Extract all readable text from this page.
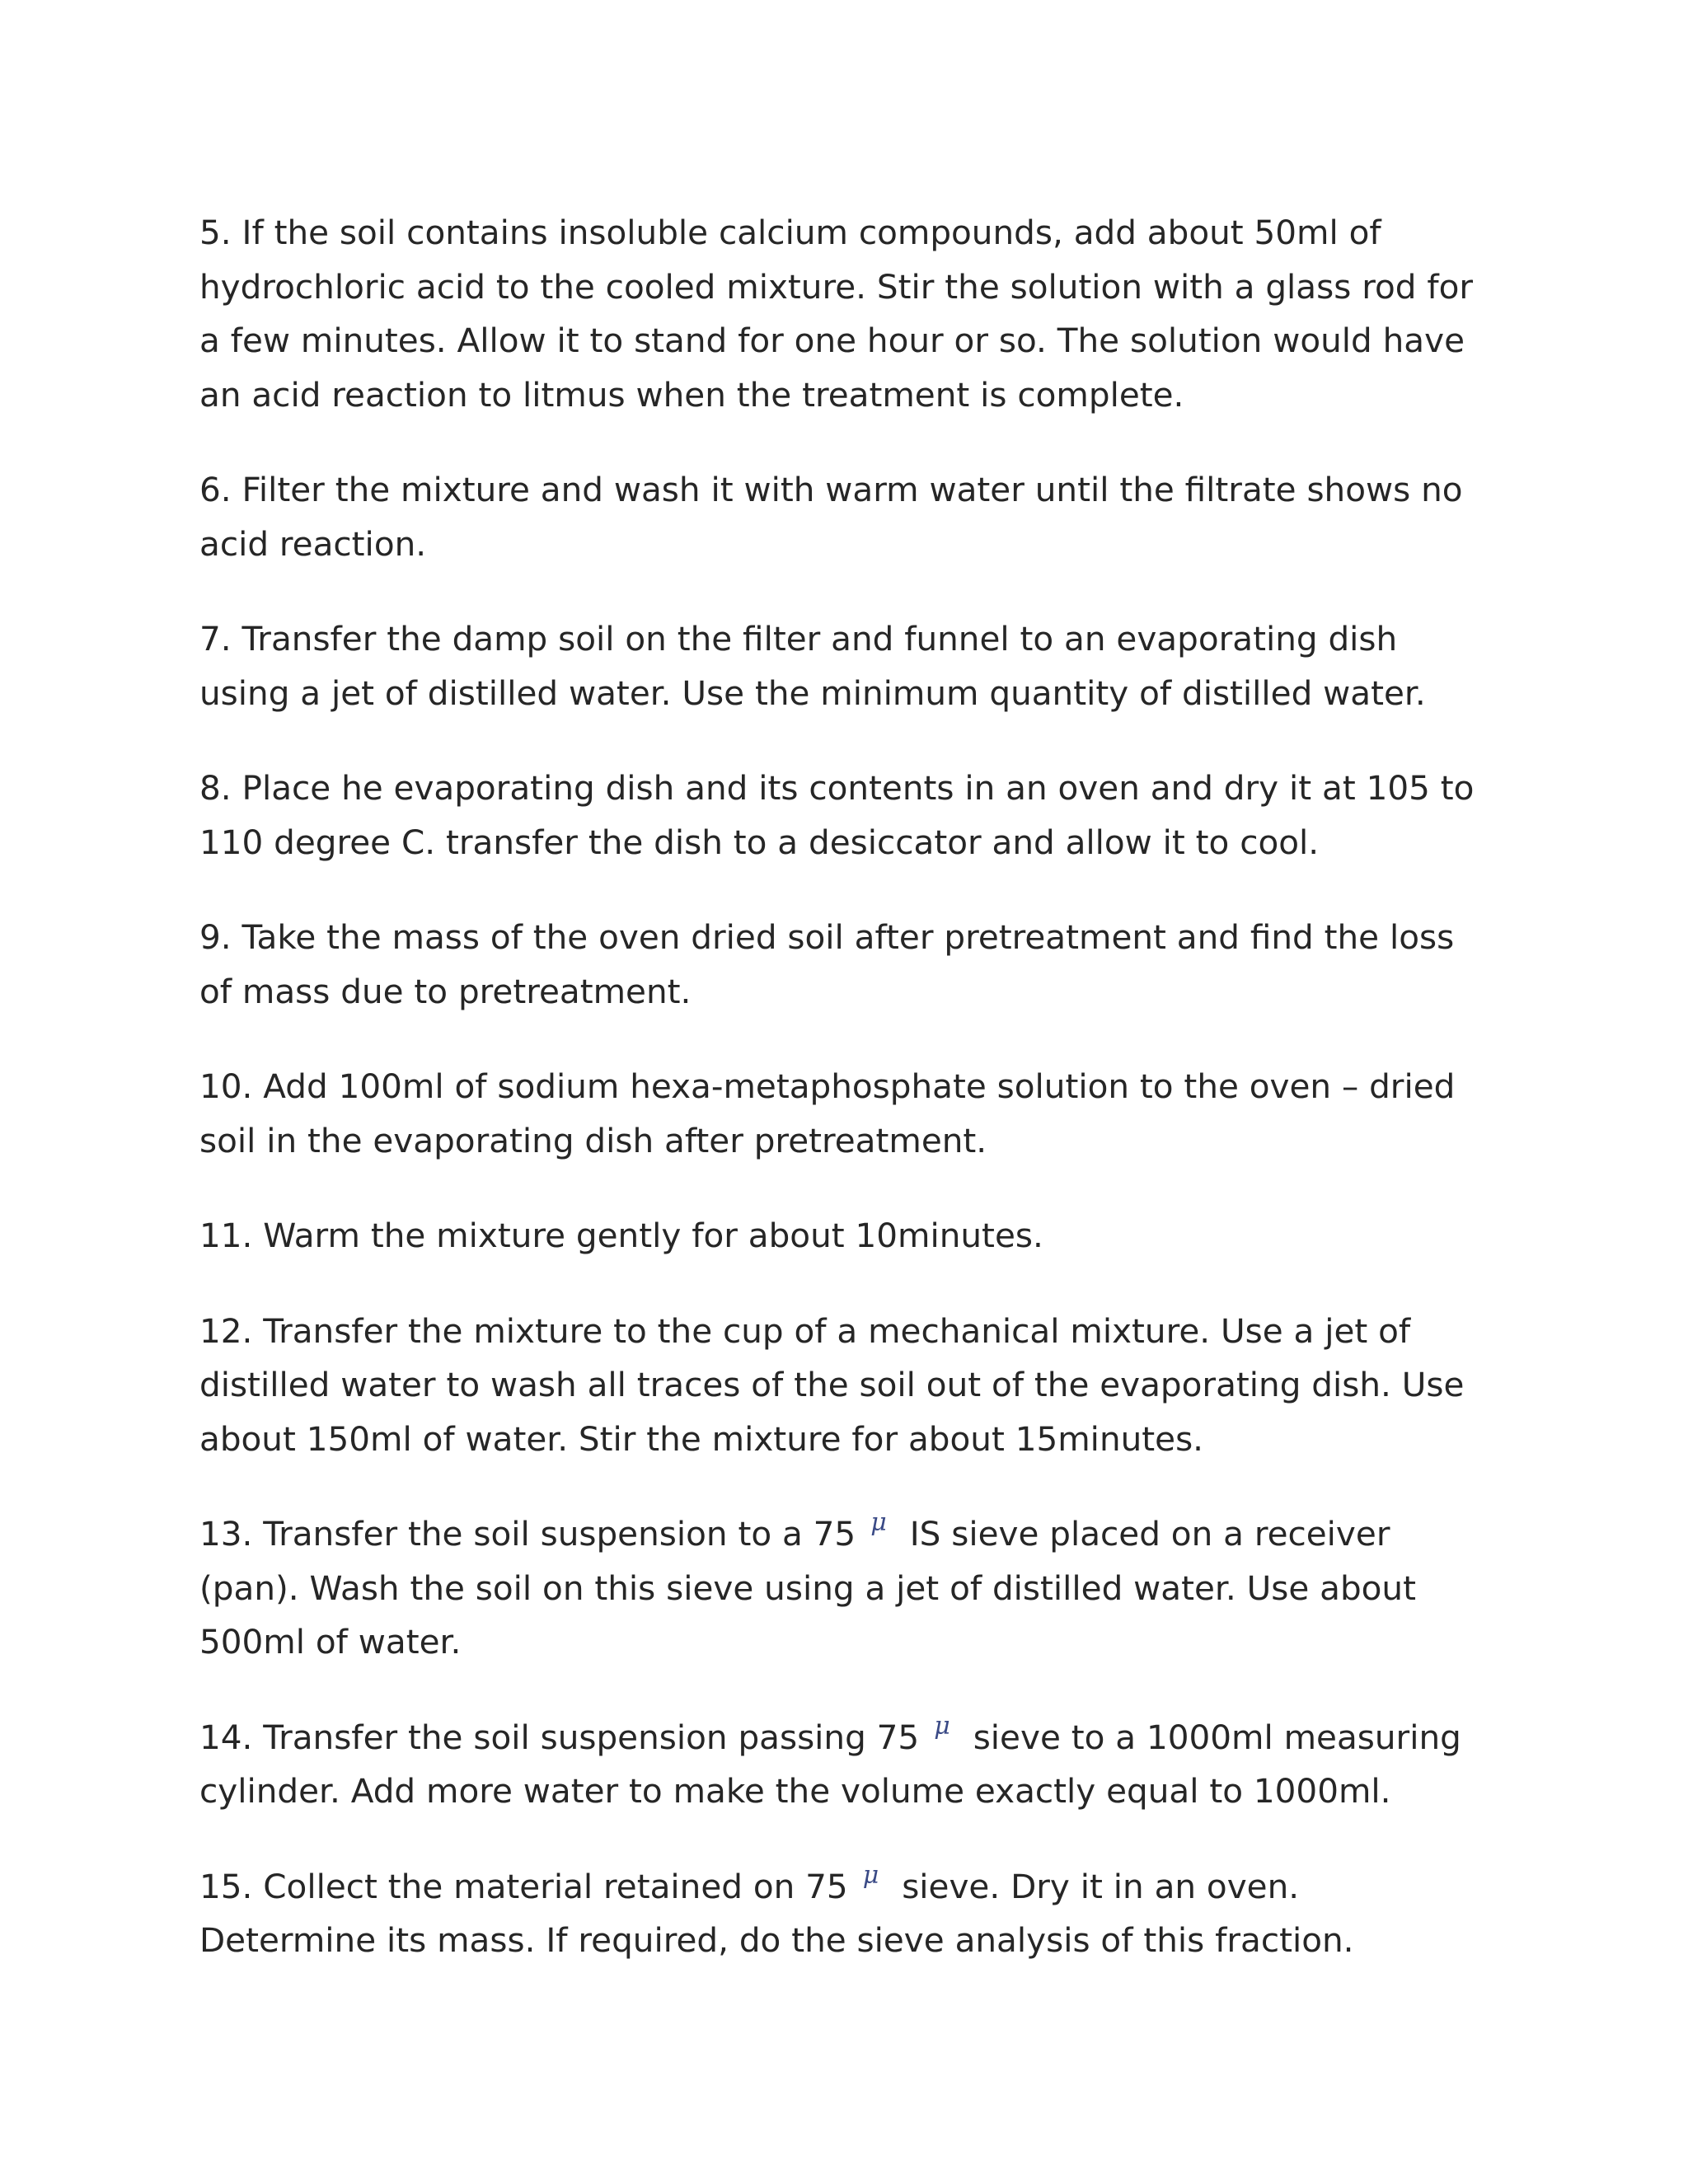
5. If the soil contains insoluble calcium compounds, add about 50ml of
hydrochloric acid to the cooled mixture. Stir the solution with a glass rod for
a few minutes. Allow it to stand for one hour or so. The solution would have
an acid reaction to litmus when the treatment is complete.

6. Filter the mixture and wash it with warm water until the filtrate shows no
acid reaction.

7. Transfer the damp soil on the filter and funnel to an evaporating dish
using a jet of distilled water. Use the minimum quantity of distilled water.

8. Place he evaporating dish and its contents in an oven and dry it at 105 to
110 degree C. transfer the dish to a desiccator and allow it to cool.

9. Take the mass of the oven dried soil after pretreatment and find the loss
of mass due to pretreatment.

10. Add 100ml of sodium hexa-metaphosphate solution to the oven – dried
soil in the evaporating dish after pretreatment.

11. Warm the mixture gently for about 10minutes.

12. Transfer the mixture to the cup of a mechanical mixture. Use a jet of
distilled water to wash all traces of the soil out of the evaporating dish. Use
about 150ml of water. Stir the mixture for about 15minutes.

13. Transfer the soil suspension to a 75 μ IS sieve placed on a receiver
(pan). Wash the soil on this sieve using a jet of distilled water. Use about
500ml of water.

14. Transfer the soil suspension passing 75 μ sieve to a 1000ml measuring
cylinder. Add more water to make the volume exactly equal to 1000ml.

15. Collect the material retained on 75 μ sieve. Dry it in an oven.
Determine its mass. If required, do the sieve analysis of this fraction.
